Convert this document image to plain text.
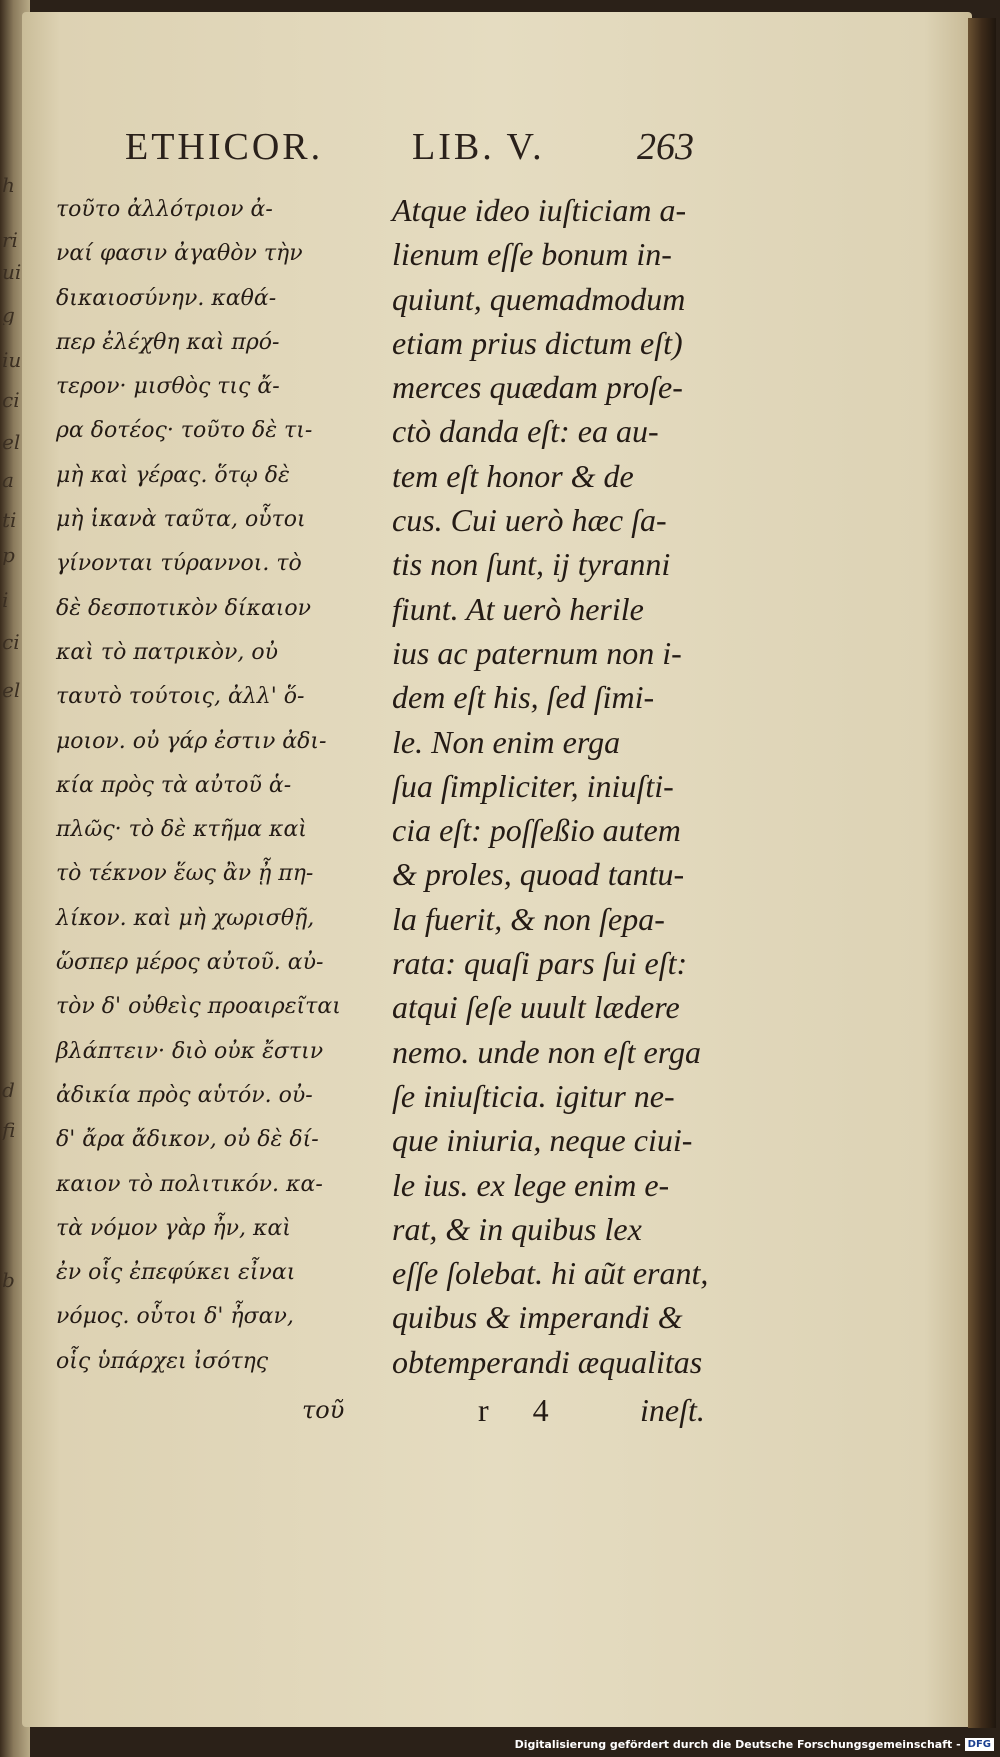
h
ri
ui
g
iu
ci
el
a
ti
p
i
ci
el
d
fi
b
ETHICOR. LIB. V. 263
τοῦτο ἀλλότριον ἀ-
ναί φασιν ἀγαθὸν τὴν
δικαιοσύνην. καθά-
περ ἐλέχθη καὶ πρό-
τερον· μισθὸς τις ἄ-
ρα δοτέος· τοῦτο δὲ τι-
μὴ καὶ γέρας. ὅτῳ δὲ
μὴ ἱκανὰ ταῦτα, οὗτοι
γίνονται τύραννοι. τὸ
δὲ δεσποτικὸν δίκαιον
καὶ τὸ πατρικὸν, οὐ
ταυτὸ τούτοις, ἀλλ' ὅ-
μοιον. οὐ γάρ ἐστιν ἀδι-
κία πρὸς τὰ αὐτοῦ ἁ-
πλῶς· τὸ δὲ κτῆμα καὶ
τὸ τέκνον ἕως ἂν ᾖ πη-
λίκον. καὶ μὴ χωρισθῇ,
ὥσπερ μέρος αὐτοῦ. αὐ-
τὸν δ' οὐθεὶς προαιρεῖται
βλάπτειν· διὸ οὐκ ἔστιν
ἀδικία πρὸς αὑτόν. οὐ-
δ' ἄρα ἄδικον, οὐ δὲ δί-
καιον τὸ πολιτικόν. κα-
τὰ νόμον γὰρ ἦν, καὶ
ἐν οἷς ἐπεφύκει εἶναι
νόμος. οὗτοι δ' ἦσαν,
οἷς ὑπάρχει ἰσότης
Atque ideo iuſticiam a-
lienum eſſe bonum in-
quiunt, quemadmodum
etiam prius dictum eſt)
merces quædam proſe-
ctò danda eſt: ea au-
tem eſt honor & de
cus. Cui uerò hæc ſa-
tis non ſunt, ij tyranni
fiunt. At uerò herile
ius ac paternum non i-
dem eſt his, ſed ſimi-
le. Non enim erga
ſua ſimpliciter, iniuſti-
cia eſt: poſſeßio autem
& proles, quoad tantu-
la fuerit, & non ſepa-
rata: quaſi pars ſui eſt:
atqui ſeſe uuult lædere
nemo. unde non eſt erga
ſe iniuſticia. igitur ne-
que iniuria, neque ciui-
le ius. ex lege enim e-
rat, & in quibus lex
eſſe ſolebat. hi aũt erant,
quibus & imperandi &
obtemperandi æqualitas
τοῦ	r 4 ineſt.
Digitalisierung gefördert durch die Deutsche Forschungsgemeinschaft - DFG
